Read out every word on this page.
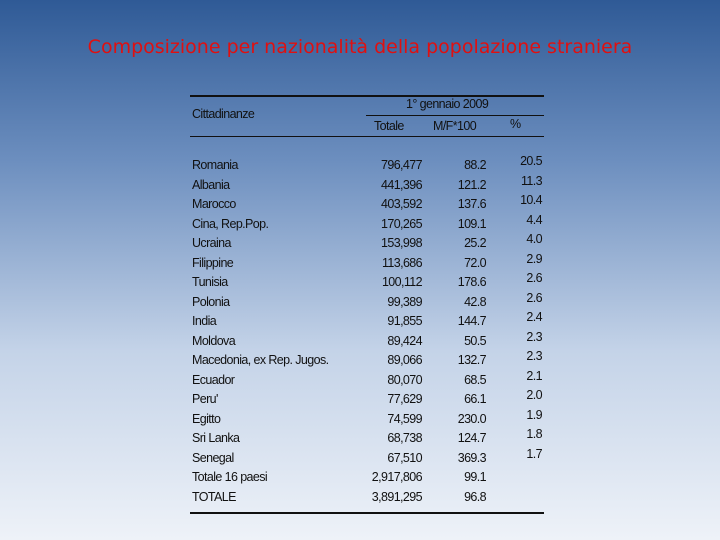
Composizione per nazionalità della popolazione straniera
Cittadinanze
1° gennaio 2009
Totale M/F*100	%
Romania	796,477	88.2	20.5
Albania	441,396	121.2	11.3
Marocco	403,592	137.6	10.4
Cina, Rep.Pop.	170,265	109.1	4.4
Ucraina	153,998	25.2	4.0
Filippine	113,686	72.0	2.9
Tunisia	100,112	178.6	2.6
Polonia	99,389	42.8	2.6
India	91,855	144.7	2.4
Moldova	89,424	50.5	2.3
Macedonia, ex Rep. Jugos.	89,066	132.7	2.3
Ecuador	80,070	68.5	2.1
Peru'	77,629	66.1	2.0
Egitto	74,599	230.0	1.9
Sri Lanka	68,738	124.7	1.8
Senegal	67,510	369.3	1.7
Totale 16 paesi	2,917,806	99.1
TOTALE	3,891,295	96.8
